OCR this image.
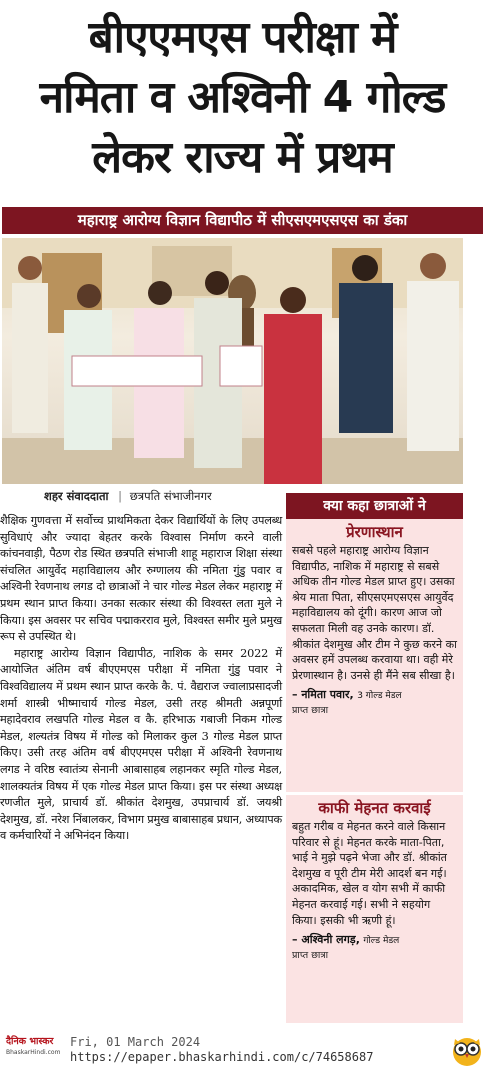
बीएएमएस परीक्षा में
नमिता व अश्विनी 4 गोल्ड
लेकर राज्य में प्रथम
महाराष्ट्र आरोग्य विज्ञान विद्यापीठ में सीएसएमएसएस का डंका
शहर संवाददाता | छत्रपति संभाजीनगर

शैक्षिक गुणवत्ता में सर्वोच्च प्राथमिकता देकर विद्यार्थियों के लिए उपलब्ध सुविधाएं और ज्यादा बेहतर करके विश्वास निर्माण करने वाली कांचनवाड़ी, पैठण रोड स्थित छत्रपति संभाजी शाहू महाराज शिक्षा संस्था संचलित आयुर्वेद महाविद्यालय और रुग्णालय की नमिता गुंडु पवार व अश्विनी रेवणनाथ लगड दो छात्राओं ने चार गोल्ड मेडल लेकर महाराष्ट्र में प्रथम स्थान प्राप्त किया। उनका सत्कार संस्था की विश्वस्त लता मुले ने किया। इस अवसर पर सचिव पद्माकरराव मुले, विश्वस्त समीर मुले प्रमुख रूप से उपस्थित थे।

महाराष्ट्र आरोग्य विज्ञान विद्यापीठ, नाशिक के समर 2022 में आयोजित अंतिम वर्ष बीएएमएस परीक्षा में नमिता गुंडु पवार ने विश्वविद्यालय में प्रथम स्थान प्राप्त करके कै. पं. वैद्यराज ज्वालाप्रसादजी शर्मा शास्त्री भीष्माचार्य गोल्ड मेडल, उसी तरह श्रीमती अन्नपूर्णा महादेवराव लखपति गोल्ड मेडल व कै. हरिभाऊ गबाजी निकम गोल्ड मेडल, शल्यतंत्र विषय में गोल्ड को मिलाकर कुल 3 गोल्ड मेडल प्राप्त किए। उसी तरह अंतिम वर्ष बीएएमएस परीक्षा में अश्विनी रेवणनाथ लगड ने वरिष्ठ स्वातंत्र्य सेनानी आबासाहब लहानकर स्मृति गोल्ड मेडल, शालक्यतंत्र विषय में एक गोल्ड मेडल प्राप्त किया। इस पर संस्था अध्यक्ष रणजीत मुले, प्राचार्य डॉ. श्रीकांत देशमुख, उपप्राचार्य डॉ. जयश्री देशमुख, डॉ. नरेश निंबालकर, विभाग प्रमुख बाबासाहब प्रधान, अध्यापक व कर्मचारियों ने अभिनंदन किया।

क्या कहा छात्राओं ने

प्रेरणास्थान

सबसे पहले महाराष्ट्र आरोग्य विज्ञान विद्यापीठ, नाशिक में महाराष्ट्र से सबसे अधिक तीन गोल्ड मेडल प्राप्त हुए। उसका श्रेय माता पिता, सीएसएमएसएस आयुर्वेद महाविद्यालय को दूंगी। कारण आज जो सफलता मिली वह उनके कारण। डॉ. श्रीकांत देशमुख और टीम ने कुछ करने का अवसर हमें उपलब्ध करवाया था। वही मेरे प्रेरणास्थान है। उनसे ही मैंने सब सीखा है।

– नमिता पवार, 3 गोल्ड मेडल

प्राप्त छात्रा

काफी मेहनत करवाई

बहुत गरीब व मेहनत करने वाले किसान परिवार से हूं। मेहनत करके माता-पिता, भाई ने मुझे पढ़ने भेजा और डॉ. श्रीकांत देशमुख व पूरी टीम मेरी आदर्श बन गई। अकादमिक, खेल व योग सभी में काफी मेहनत करवाई गई। सभी ने सहयोग किया। इसकी भी ऋणी हूं।

– अश्विनी लगड़, गोल्ड मेडल

प्राप्त छात्रा

दैनिक भास्कर
BhaskarHindi.com
Fri, 01 March 2024
https://epaper.bhaskarhindi.com/c/74658687
